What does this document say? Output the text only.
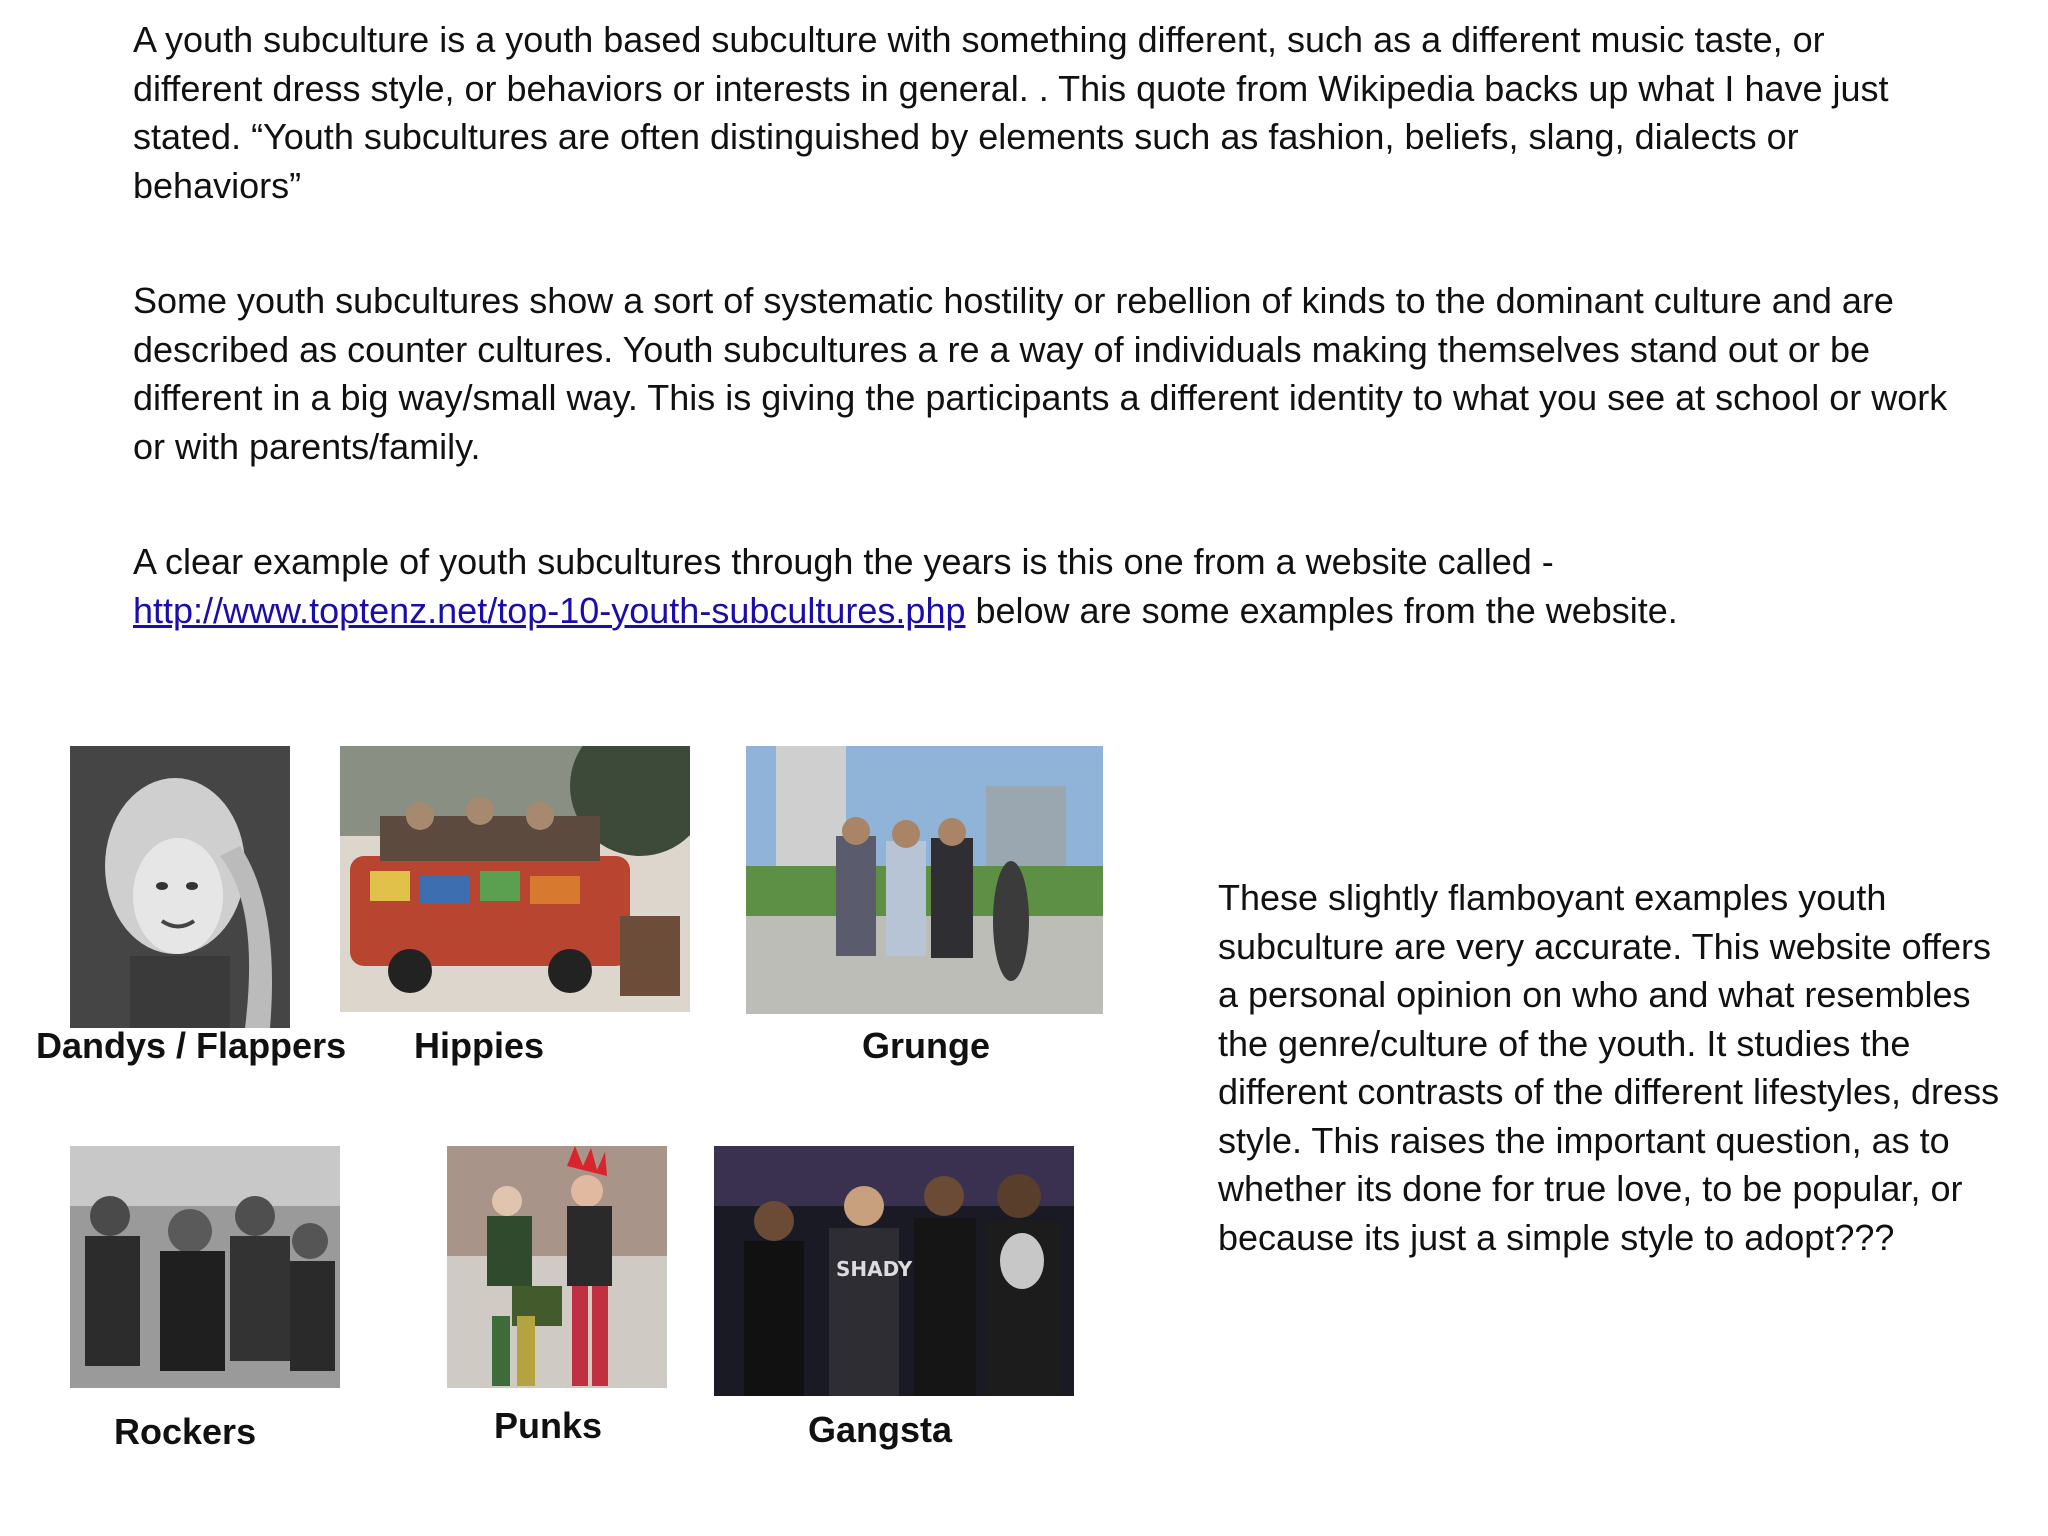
A youth subculture is a youth based subculture with something different, such as a different music taste, or different dress style, or behaviors or interests in general. . This quote from Wikipedia backs up what I have just stated. “Youth subcultures are often distinguished by elements such as fashion, beliefs, slang, dialects or behaviors”

Some youth subcultures show a sort of systematic hostility or rebellion of kinds to the dominant culture and are described as counter cultures. Youth subcultures a re a way of individuals making themselves stand out or be different in a big way/small way. This is giving the participants a different identity to what you see at school or work or with parents/family.

A clear example of youth subcultures through the years is this one from a website called - http://www.toptenz.net/top-10-youth-subcultures.php below are some examples from the website.

Dandys / Flappers Hippies	Grunge
SHADY
Rockers	Punks	Gangsta

These slightly flamboyant examples youth subculture are very accurate. This website offers a personal opinion on who and what resembles the genre/culture of the youth. It studies the different contrasts of the different lifestyles, dress style. This raises the important question, as to whether its done for true love, to be popular, or because its just a simple style to adopt???
